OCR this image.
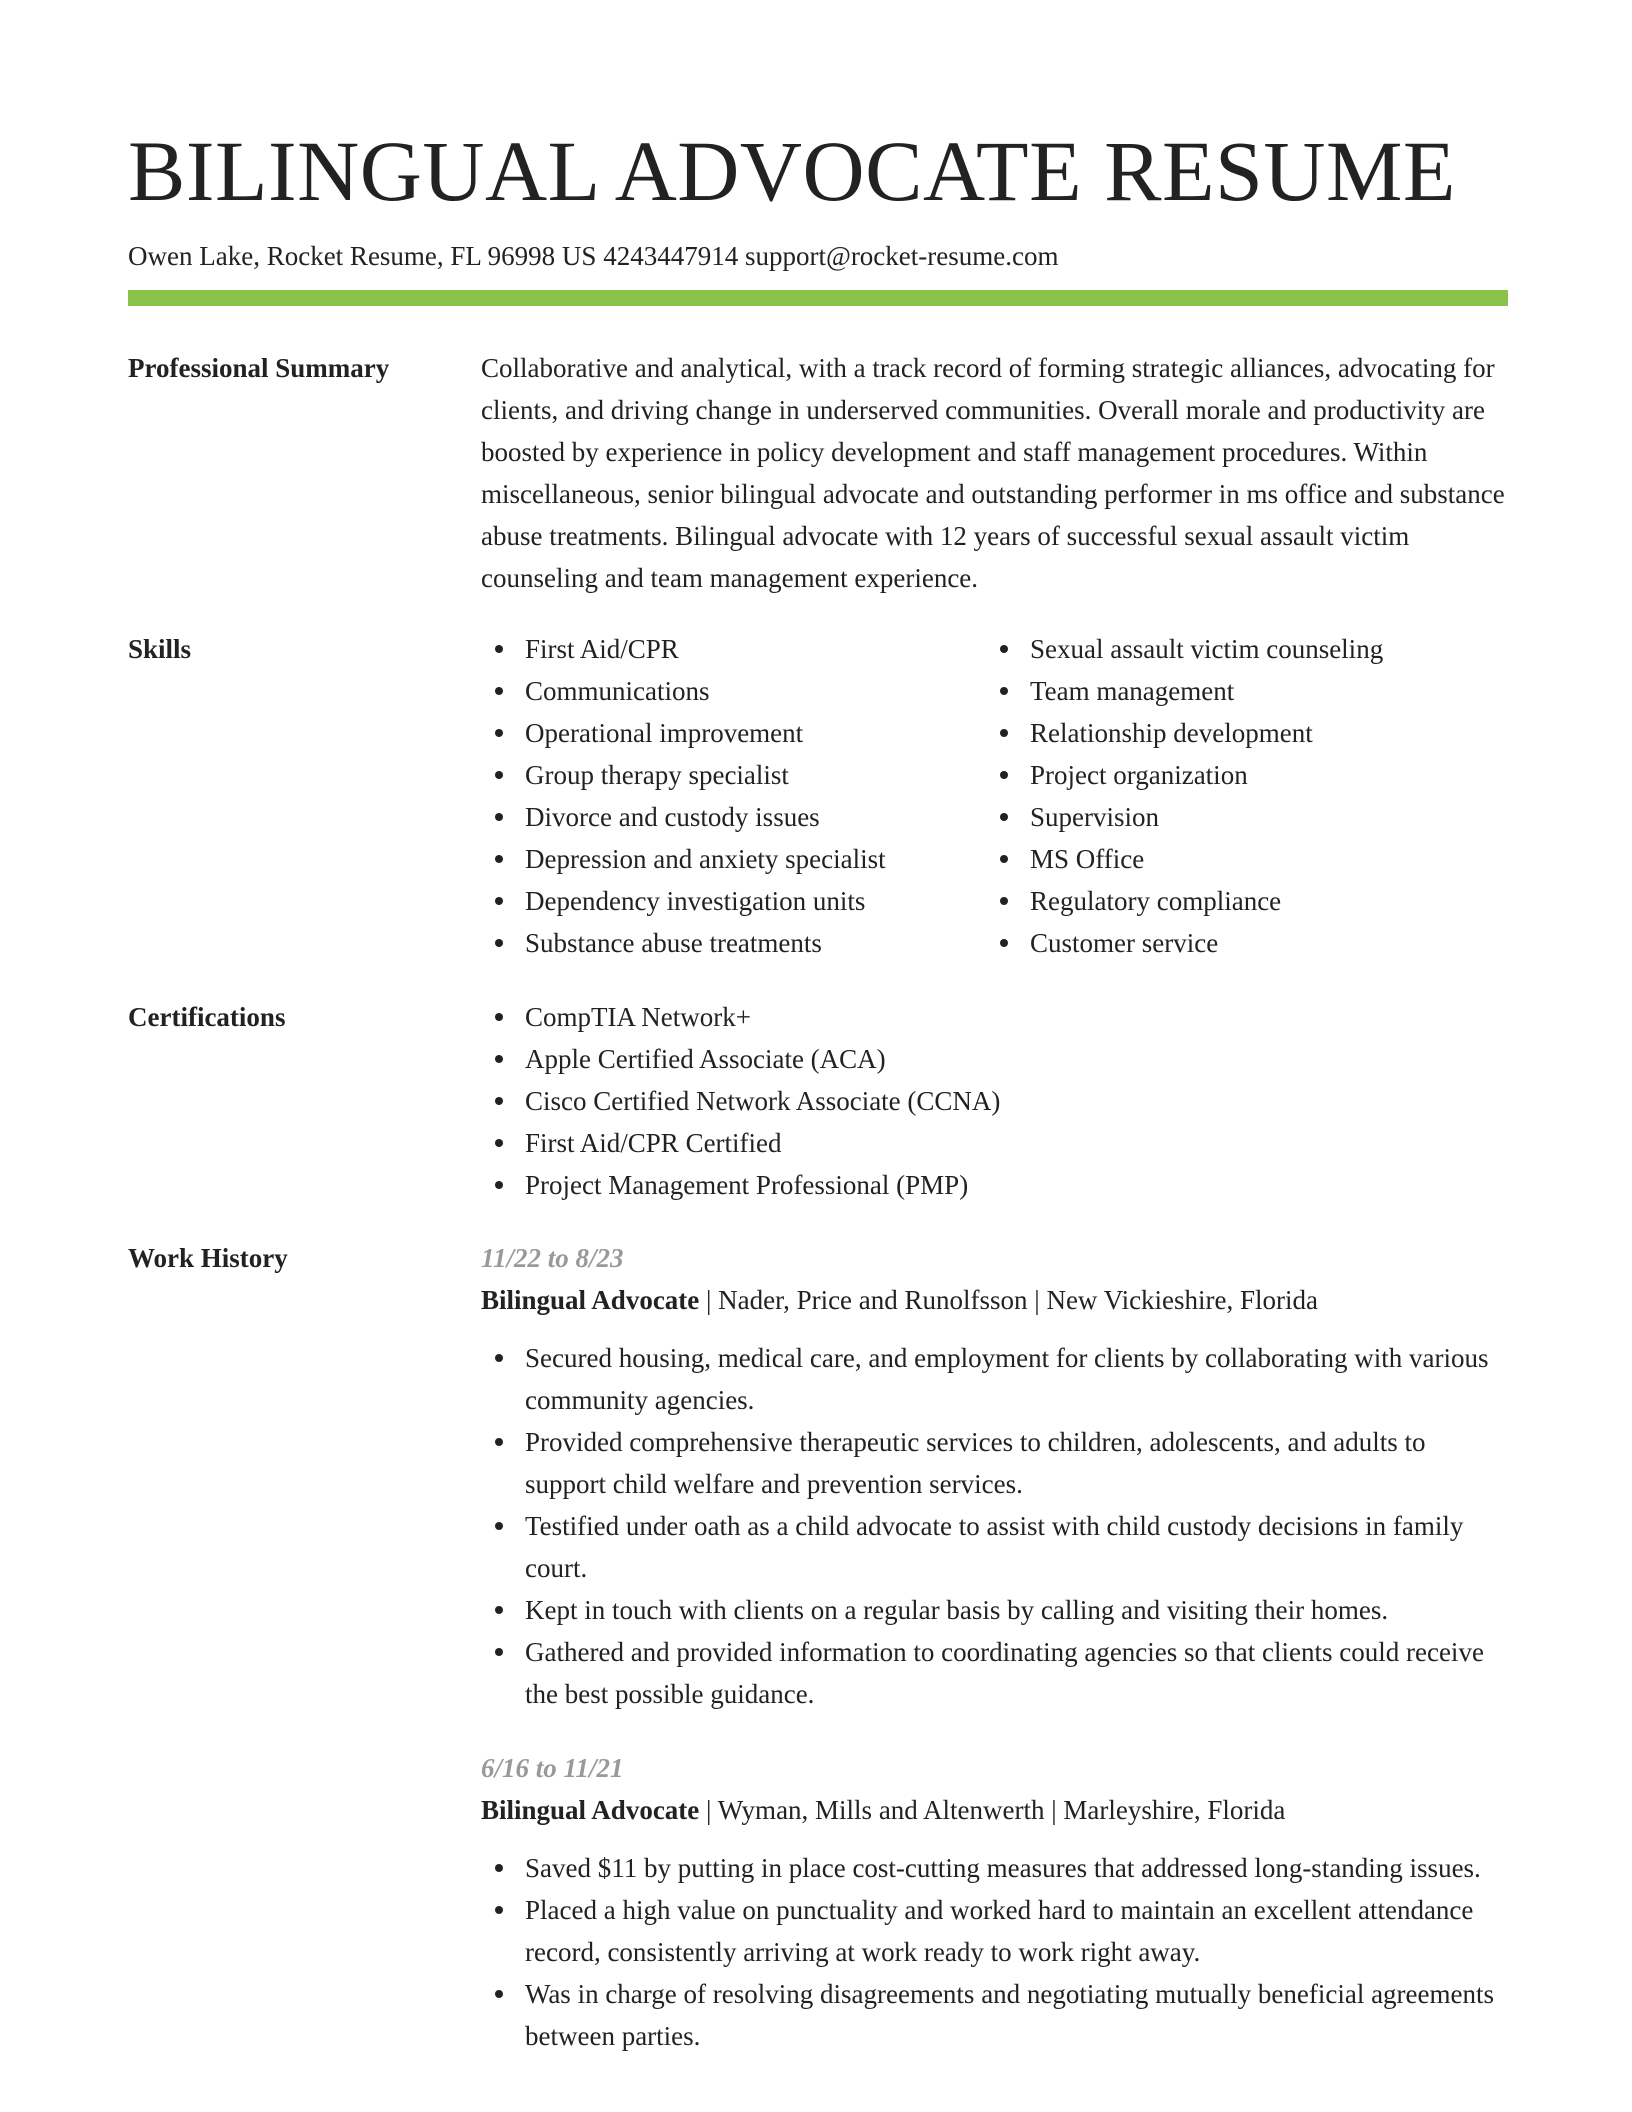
BILINGUAL ADVOCATE RESUME
Owen Lake, Rocket Resume, FL 96998 US 4243447914 support@rocket-resume.com
Professional Summary	Collaborative and analytical, with a track record of forming strategic alliances, advocating for clients, and driving change in underserved communities. Overall morale and productivity are boosted by experience in policy development and staff management procedures. Within miscellaneous, senior bilingual advocate and outstanding performer in ms office and substance abuse treatments. Bilingual advocate with 12 years of successful sexual assault victim counseling and team management experience.

Skills	First Aid/CPR
Communications
Operational improvement
Group therapy specialist
Divorce and custody issues
Depression and anxiety specialist
Dependency investigation units
Substance abuse treatments
Sexual assault victim counseling
Team management
Relationship development
Project organization
Supervision
MS Office
Regulatory compliance
Customer service
Certifications	CompTIA Network+
Apple Certified Associate (ACA)
Cisco Certified Network Associate (CCNA)
First Aid/CPR Certified
Project Management Professional (PMP)
Work History	11/22 to 8/23
Bilingual Advocate | Nader, Price and Runolfsson | New Vickieshire, Florida
Secured housing, medical care, and employment for clients by collaborating with various community agencies.
Provided comprehensive therapeutic services to children, adolescents, and adults to support child welfare and prevention services.
Testified under oath as a child advocate to assist with child custody decisions in family court.
Kept in touch with clients on a regular basis by calling and visiting their homes.
Gathered and provided information to coordinating agencies so that clients could receive the best possible guidance.
6/16 to 11/21
Bilingual Advocate | Wyman, Mills and Altenwerth | Marleyshire, Florida
Saved $11 by putting in place cost-cutting measures that addressed long-standing issues.
Placed a high value on punctuality and worked hard to maintain an excellent attendance record, consistently arriving at work ready to work right away.
Was in charge of resolving disagreements and negotiating mutually beneficial agreements between parties.
